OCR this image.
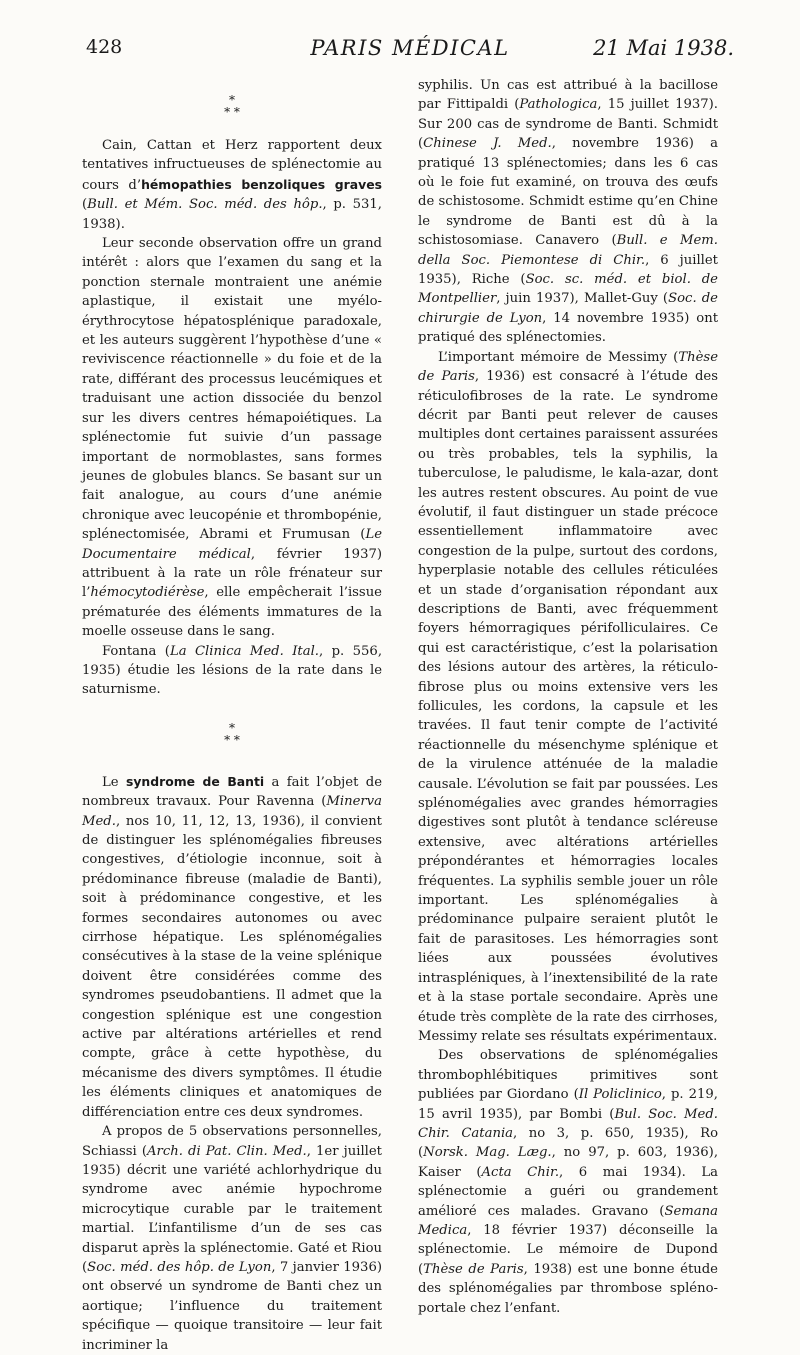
428	PARIS MÉDICAL	21 Mai 1938.
*
* *

Cain, Cattan et Herz rapportent deux tentatives infructueuses de splénectomie au cours d’hémopathies benzoliques graves (Bull. et Mém. Soc. méd. des hôp., p. 531, 1938).

Leur seconde observation offre un grand intérêt : alors que l’examen du sang et la ponction sternale montraient une anémie aplastique, il existait une myélo-érythrocytose hépatosplénique paradoxale, et les auteurs suggèrent l’hypothèse d’une « reviviscence réactionnelle » du foie et de la rate, différant des processus leucémiques et traduisant une action dissociée du benzol sur les divers centres hémapoiétiques. La splénectomie fut suivie d’un passage important de normoblastes, sans formes jeunes de globules blancs. Se basant sur un fait analogue, au cours d’une anémie chronique avec leucopénie et thrombopénie, splénectomisée, Abrami et Frumusan (Le Documentaire médical, février 1937) attribuent à la rate un rôle frénateur sur l’hémocytodiérèse, elle empêcherait l’issue prématurée des éléments immatures de la moelle osseuse dans le sang.

Fontana (La Clinica Med. Ital., p. 556, 1935) étudie les lésions de la rate dans le saturnisme.

*
* *

Le syndrome de Banti a fait l’objet de nombreux travaux. Pour Ravenna (Minerva Med., nos 10, 11, 12, 13, 1936), il convient de distinguer les splénomégalies fibreuses congestives, d’étiologie inconnue, soit à prédominance fibreuse (maladie de Banti), soit à prédominance congestive, et les formes secondaires autonomes ou avec cirrhose hépatique. Les splénomégalies consécutives à la stase de la veine splénique doivent être considérées comme des syndromes pseudobantiens. Il admet que la congestion splénique est une congestion active par altérations artérielles et rend compte, grâce à cette hypothèse, du mécanisme des divers symptômes. Il étudie les éléments cliniques et anatomiques de différenciation entre ces deux syndromes.

A propos de 5 observations personnelles, Schiassi (Arch. di Pat. Clin. Med., 1er juillet 1935) décrit une variété achlorhydrique du syndrome avec anémie hypochrome microcytique curable par le traitement martial. L’infantilisme d’un de ses cas disparut après la splénectomie. Gaté et Riou (Soc. méd. des hôp. de Lyon, 7 janvier 1936) ont observé un syndrome de Banti chez un aortique; l’influence du traitement spécifique — quoique transitoire — leur fait incriminer la

syphilis. Un cas est attribué à la bacillose par Fittipaldi (Pathologica, 15 juillet 1937). Sur 200 cas de syndrome de Banti. Schmidt (Chinese J. Med., novembre 1936) a pratiqué 13 splénectomies; dans les 6 cas où le foie fut examiné, on trouva des œufs de schistosome. Schmidt estime qu’en Chine le syndrome de Banti est dû à la schistosomiase. Canavero (Bull. e Mem. della Soc. Piemontese di Chir., 6 juillet 1935), Riche (Soc. sc. méd. et biol. de Montpellier, juin 1937), Mallet-Guy (Soc. de chirurgie de Lyon, 14 novembre 1935) ont pratiqué des splénectomies.

L’important mémoire de Messimy (Thèse de Paris, 1936) est consacré à l’étude des réticulofibroses de la rate. Le syndrome décrit par Banti peut relever de causes multiples dont certaines paraissent assurées ou très probables, tels la syphilis, la tuberculose, le paludisme, le kala-azar, dont les autres restent obscures. Au point de vue évolutif, il faut distinguer un stade précoce essentiellement inflammatoire avec congestion de la pulpe, surtout des cordons, hyperplasie notable des cellules réticulées et un stade d’organisation répondant aux descriptions de Banti, avec fréquemment foyers hémorragiques périfolliculaires. Ce qui est caractéristique, c’est la polarisation des lésions autour des artères, la réticulo-fibrose plus ou moins extensive vers les follicules, les cordons, la capsule et les travées. Il faut tenir compte de l’activité réactionnelle du mésenchyme splénique et de la virulence atténuée de la maladie causale. L’évolution se fait par poussées. Les splénomégalies avec grandes hémorragies digestives sont plutôt à tendance scléreuse extensive, avec altérations artérielles prépondérantes et hémorragies locales fréquentes. La syphilis semble jouer un rôle important. Les splénomégalies à prédominance pulpaire seraient plutôt le fait de parasitoses. Les hémorragies sont liées aux poussées évolutives intraspléniques, à l’inextensibilité de la rate et à la stase portale secondaire. Après une étude très complète de la rate des cirrhoses, Messimy relate ses résultats expérimentaux.

Des observations de splénomégalies thrombophlébitiques primitives sont publiées par Giordano (Il Policlinico, p. 219, 15 avril 1935), par Bombi (Bul. Soc. Med. Chir. Catania, no 3, p. 650, 1935), Ro (Norsk. Mag. Læg., no 97, p. 603, 1936), Kaiser (Acta Chir., 6 mai 1934). La splénectomie a guéri ou grandement amélioré ces malades. Gravano (Semana Medica, 18 février 1937) déconseille la splénectomie. Le mémoire de Dupond (Thèse de Paris, 1938) est une bonne étude des splénomégalies par thrombose spléno-portale chez l’enfant.
